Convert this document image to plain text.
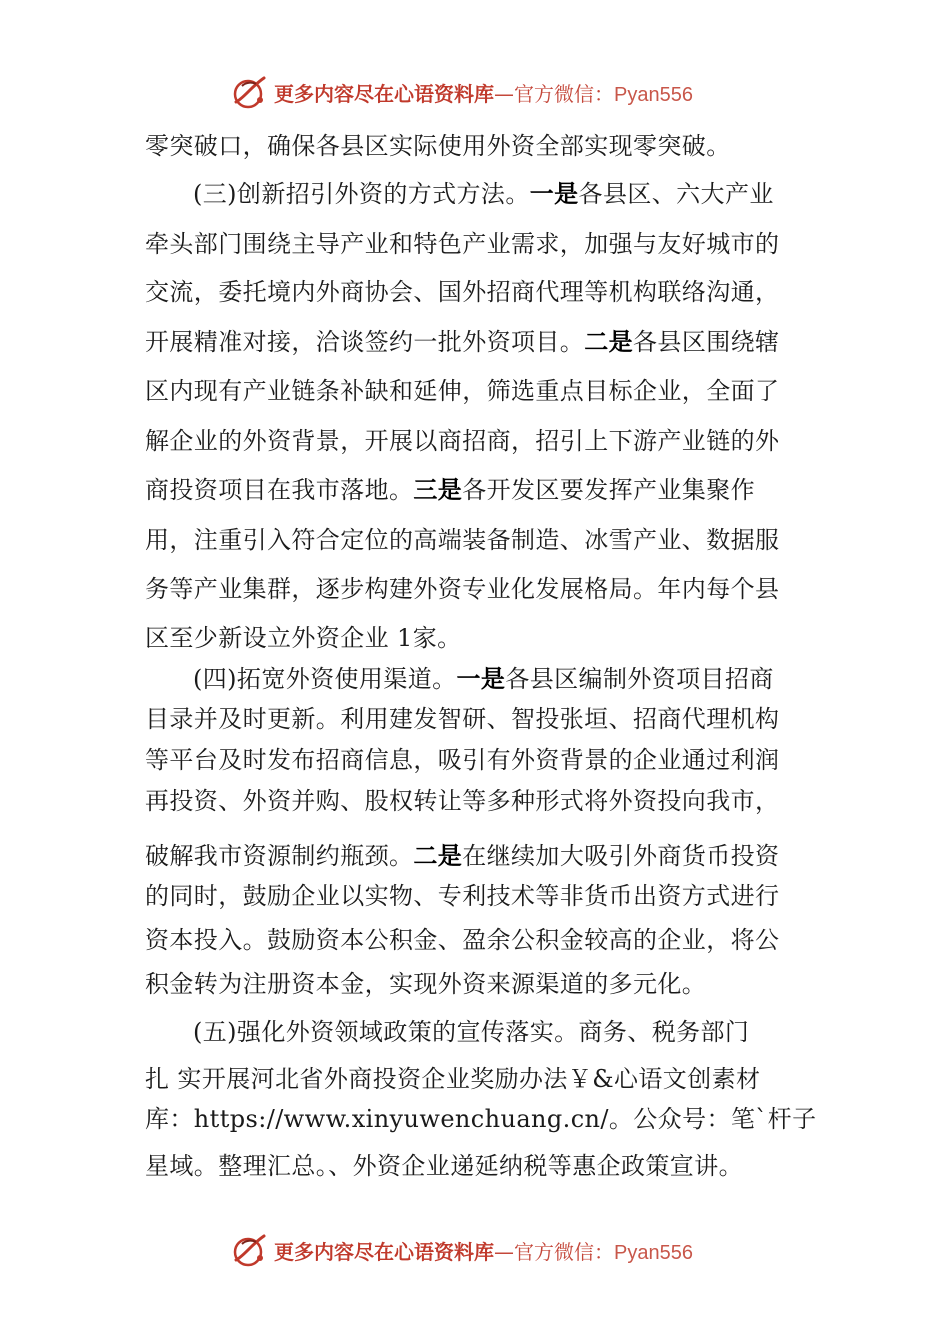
更多内容尽在心语资料库—官方微信：Pyan556
零突破口，确保各县区实际使用外资全部实现零突破。
(三)创新招引外资的方式方法。一是各县区、六大产业
牵头部门围绕主导产业和特色产业需求，加强与友好城市的
交流，委托境内外商协会、国外招商代理等机构联络沟通，
开展精准对接，洽谈签约一批外资项目。二是各县区围绕辖
区内现有产业链条补缺和延伸，筛选重点目标企业，全面了
解企业的外资背景，开展以商招商，招引上下游产业链的外
商投资项目在我市落地。三是各开发区要发挥产业集聚作
用，注重引入符合定位的高端装备制造、冰雪产业、数据服
务等产业集群，逐步构建外资专业化发展格局。年内每个县
区至少新设立外资企业 1家。
(四)拓宽外资使用渠道。一是各县区编制外资项目招商
目录并及时更新。利用建发智研、智投张垣、招商代理机构
等平台及时发布招商信息，吸引有外资背景的企业通过利润
再投资、外资并购、股权转让等多种形式将外资投向我市，
破解我市资源制约瓶颈。二是在继续加大吸引外商货币投资
的同时，鼓励企业以实物、专利技术等非货币出资方式进行
资本投入。鼓励资本公积金、盈余公积金较高的企业，将公
积金转为注册资本金，实现外资来源渠道的多元化。
(五)强化外资领域政策的宣传落实。商务、税务部门
扎 实开展河北省外商投资企业奖励办法￥&心语文创素材
库：https://www.xinyuwenchuang.cn/。公众号：笔`杆子
星域。整理汇总。、外资企业递延纳税等惠企政策宣讲。
更多内容尽在心语资料库—官方微信：Pyan556
